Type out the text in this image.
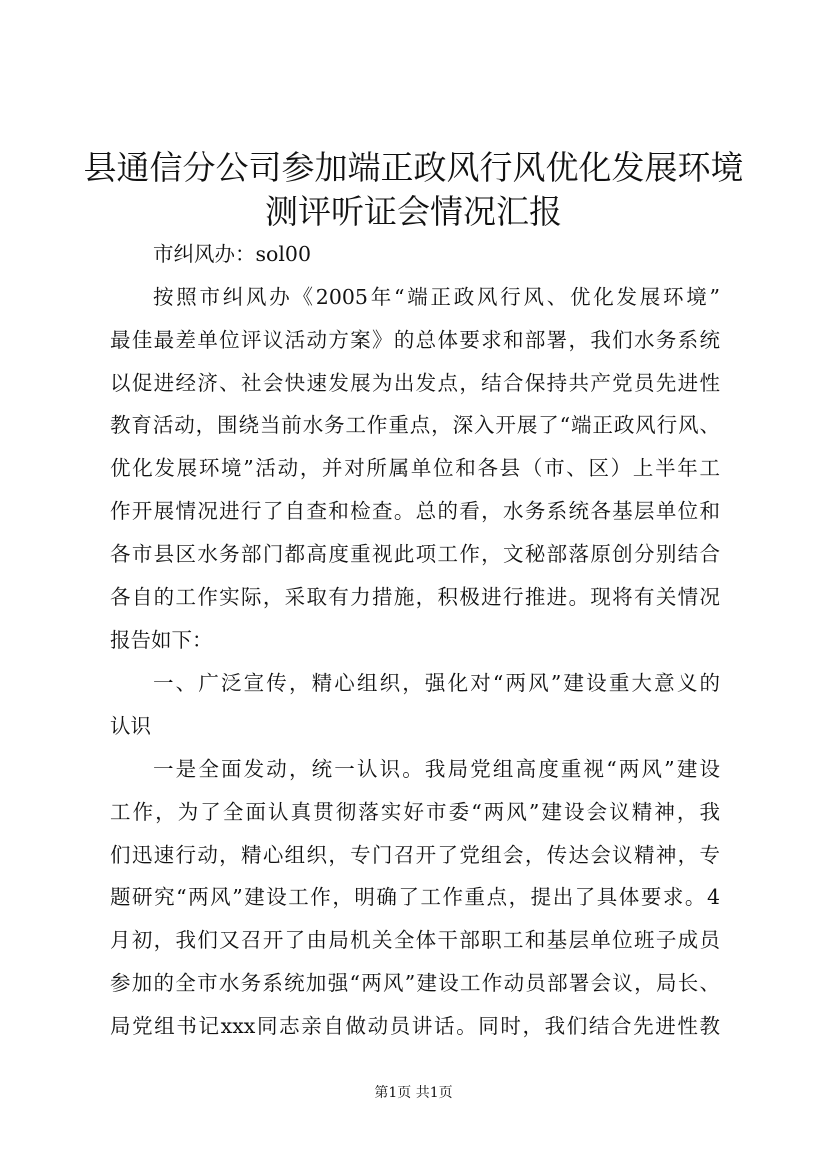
县通信分公司参加端正政风行风优化发展环境
测评听证会情况汇报
市纠风办：sol00
按照市纠风办《2005年“端正政风行风、优化发展环境”
最佳最差单位评议活动方案》的总体要求和部署，我们水务系统
以促进经济、社会快速发展为出发点，结合保持共产党员先进性
教育活动，围绕当前水务工作重点，深入开展了“端正政风行风、
优化发展环境”活动，并对所属单位和各县（市、区）上半年工
作开展情况进行了自查和检查。总的看，水务系统各基层单位和
各市县区水务部门都高度重视此项工作，文秘部落原创分别结合
各自的工作实际，采取有力措施，积极进行推进。现将有关情况
报告如下：
一、广泛宣传，精心组织，强化对“两风”建设重大意义的
认识
一是全面发动，统一认识。我局党组高度重视“两风”建设
工作，为了全面认真贯彻落实好市委“两风”建设会议精神，我
们迅速行动，精心组织，专门召开了党组会，传达会议精神，专
题研究“两风”建设工作，明确了工作重点，提出了具体要求。4
月初，我们又召开了由局机关全体干部职工和基层单位班子成员
参加的全市水务系统加强“两风”建设工作动员部署会议，局长、
局党组书记xxx同志亲自做动员讲话。同时，我们结合先进性教
第1页 共1页
